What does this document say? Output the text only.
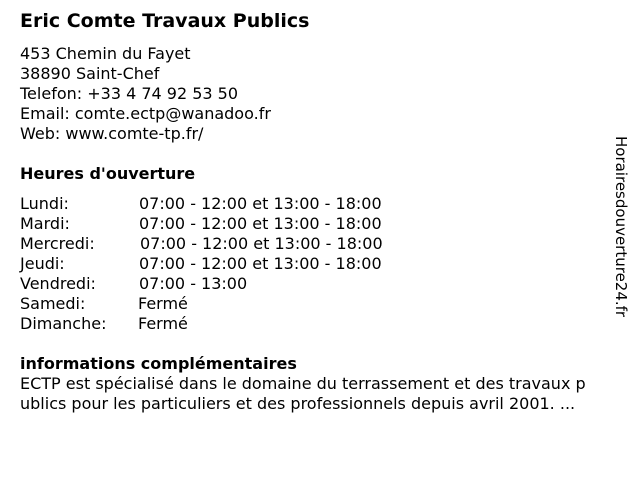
Eric Comte Travaux Publics
453 Chemin du Fayet
38890 Saint-Chef
Telefon: +33 4 74 92 53 50
Email: comte.ectp@wanadoo.fr
Web: www.comte-tp.fr/
Heures d'ouverture
Lundi:	07:00 - 12:00 et 13:00 - 18:00
Mardi:	07:00 - 12:00 et 13:00 - 18:00
Mercredi:	07:00 - 12:00 et 13:00 - 18:00
Jeudi:	07:00 - 12:00 et 13:00 - 18:00
Vendredi:	07:00 - 13:00
Samedi:	Fermé
Dimanche: Fermé
informations complémentaires
ECTP est spécialisé dans le domaine du terrassement et des travaux p
ublics pour les particuliers et des professionnels depuis avril 2001. ...
Horairesdouverture24.fr
